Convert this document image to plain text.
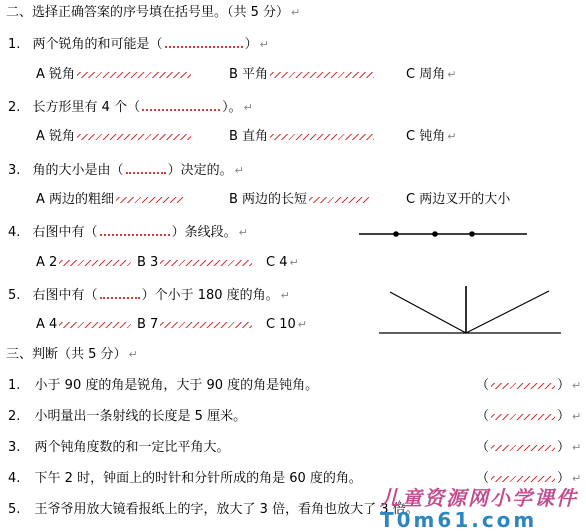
二、选择正确答案的序号填在括号里。（共 5 分） ↵
1. 两个锐角的和可能是（	） ↵
A 锐角	B 平角	C 周角 ↵
2. 长方形里有 4 个（	）。 ↵
A 锐角	B 直角	C 钝角 ↵
3. 角的大小是由（	）决定的。 ↵
A 两边的粗细	B 两边的长短	C 两边叉开的大小
4. 右图中有（	）条线段。 ↵
A 2	B 3	C 4 ↵
5. 右图中有（	）个小于 180 度的角。 ↵
A 4	B 7	C 10 ↵
三、判断（共 5 分） ↵
1. 小于 90 度的角是锐角，大于 90 度的角是钝角。	（	） ↵
2. 小明量出一条射线的长度是 5 厘米。	（	） ↵
3. 两个钝角度数的和一定比平角大。	（	） ↵
4. 下午 2 时，钟面上的时针和分针所成的角是 60 度的角。	（	） ↵
5. 王爷爷用放大镜看报纸上的字，放大了 3 倍，看角也放大了 3 倍。
儿童资源网小学课件
T0m61.com
